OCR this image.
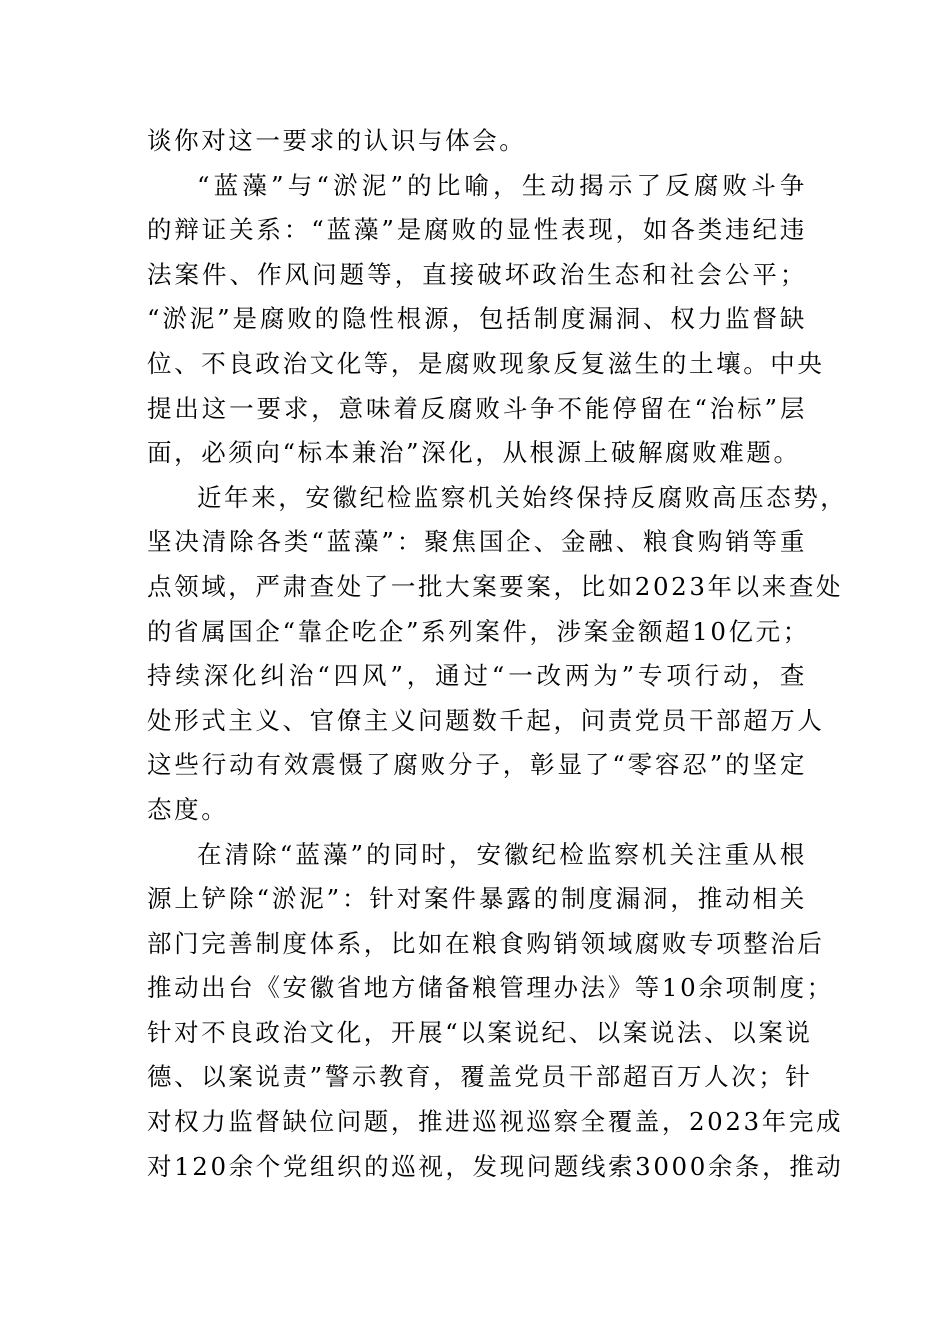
谈你对这一要求的认识与体会。
“蓝藻”与“淤泥”的比喻，生动揭示了反腐败斗争
的辩证关系：“蓝藻”是腐败的显性表现，如各类违纪违
法案件、作风问题等，直接破坏政治生态和社会公平；
“淤泥”是腐败的隐性根源，包括制度漏洞、权力监督缺
位、不良政治文化等，是腐败现象反复滋生的土壤。中央
提出这一要求，意味着反腐败斗争不能停留在“治标”层
面，必须向“标本兼治”深化，从根源上破解腐败难题。
近年来，安徽纪检监察机关始终保持反腐败高压态势，
坚决清除各类“蓝藻”：聚焦国企、金融、粮食购销等重
点领域，严肃查处了一批大案要案，比如2023年以来查处
的省属国企“靠企吃企”系列案件，涉案金额超10亿元；
持续深化纠治“四风”，通过“一改两为”专项行动，查
处形式主义、官僚主义问题数千起，问责党员干部超万人
这些行动有效震慑了腐败分子，彰显了“零容忍”的坚定
态度。
在清除“蓝藻”的同时，安徽纪检监察机关注重从根
源上铲除“淤泥”：针对案件暴露的制度漏洞，推动相关
部门完善制度体系，比如在粮食购销领域腐败专项整治后
推动出台《安徽省地方储备粮管理办法》等10余项制度；
针对不良政治文化，开展“以案说纪、以案说法、以案说
德、以案说责”警示教育，覆盖党员干部超百万人次；针
对权力监督缺位问题，推进巡视巡察全覆盖，2023年完成
对120余个党组织的巡视，发现问题线索3000余条，推动
